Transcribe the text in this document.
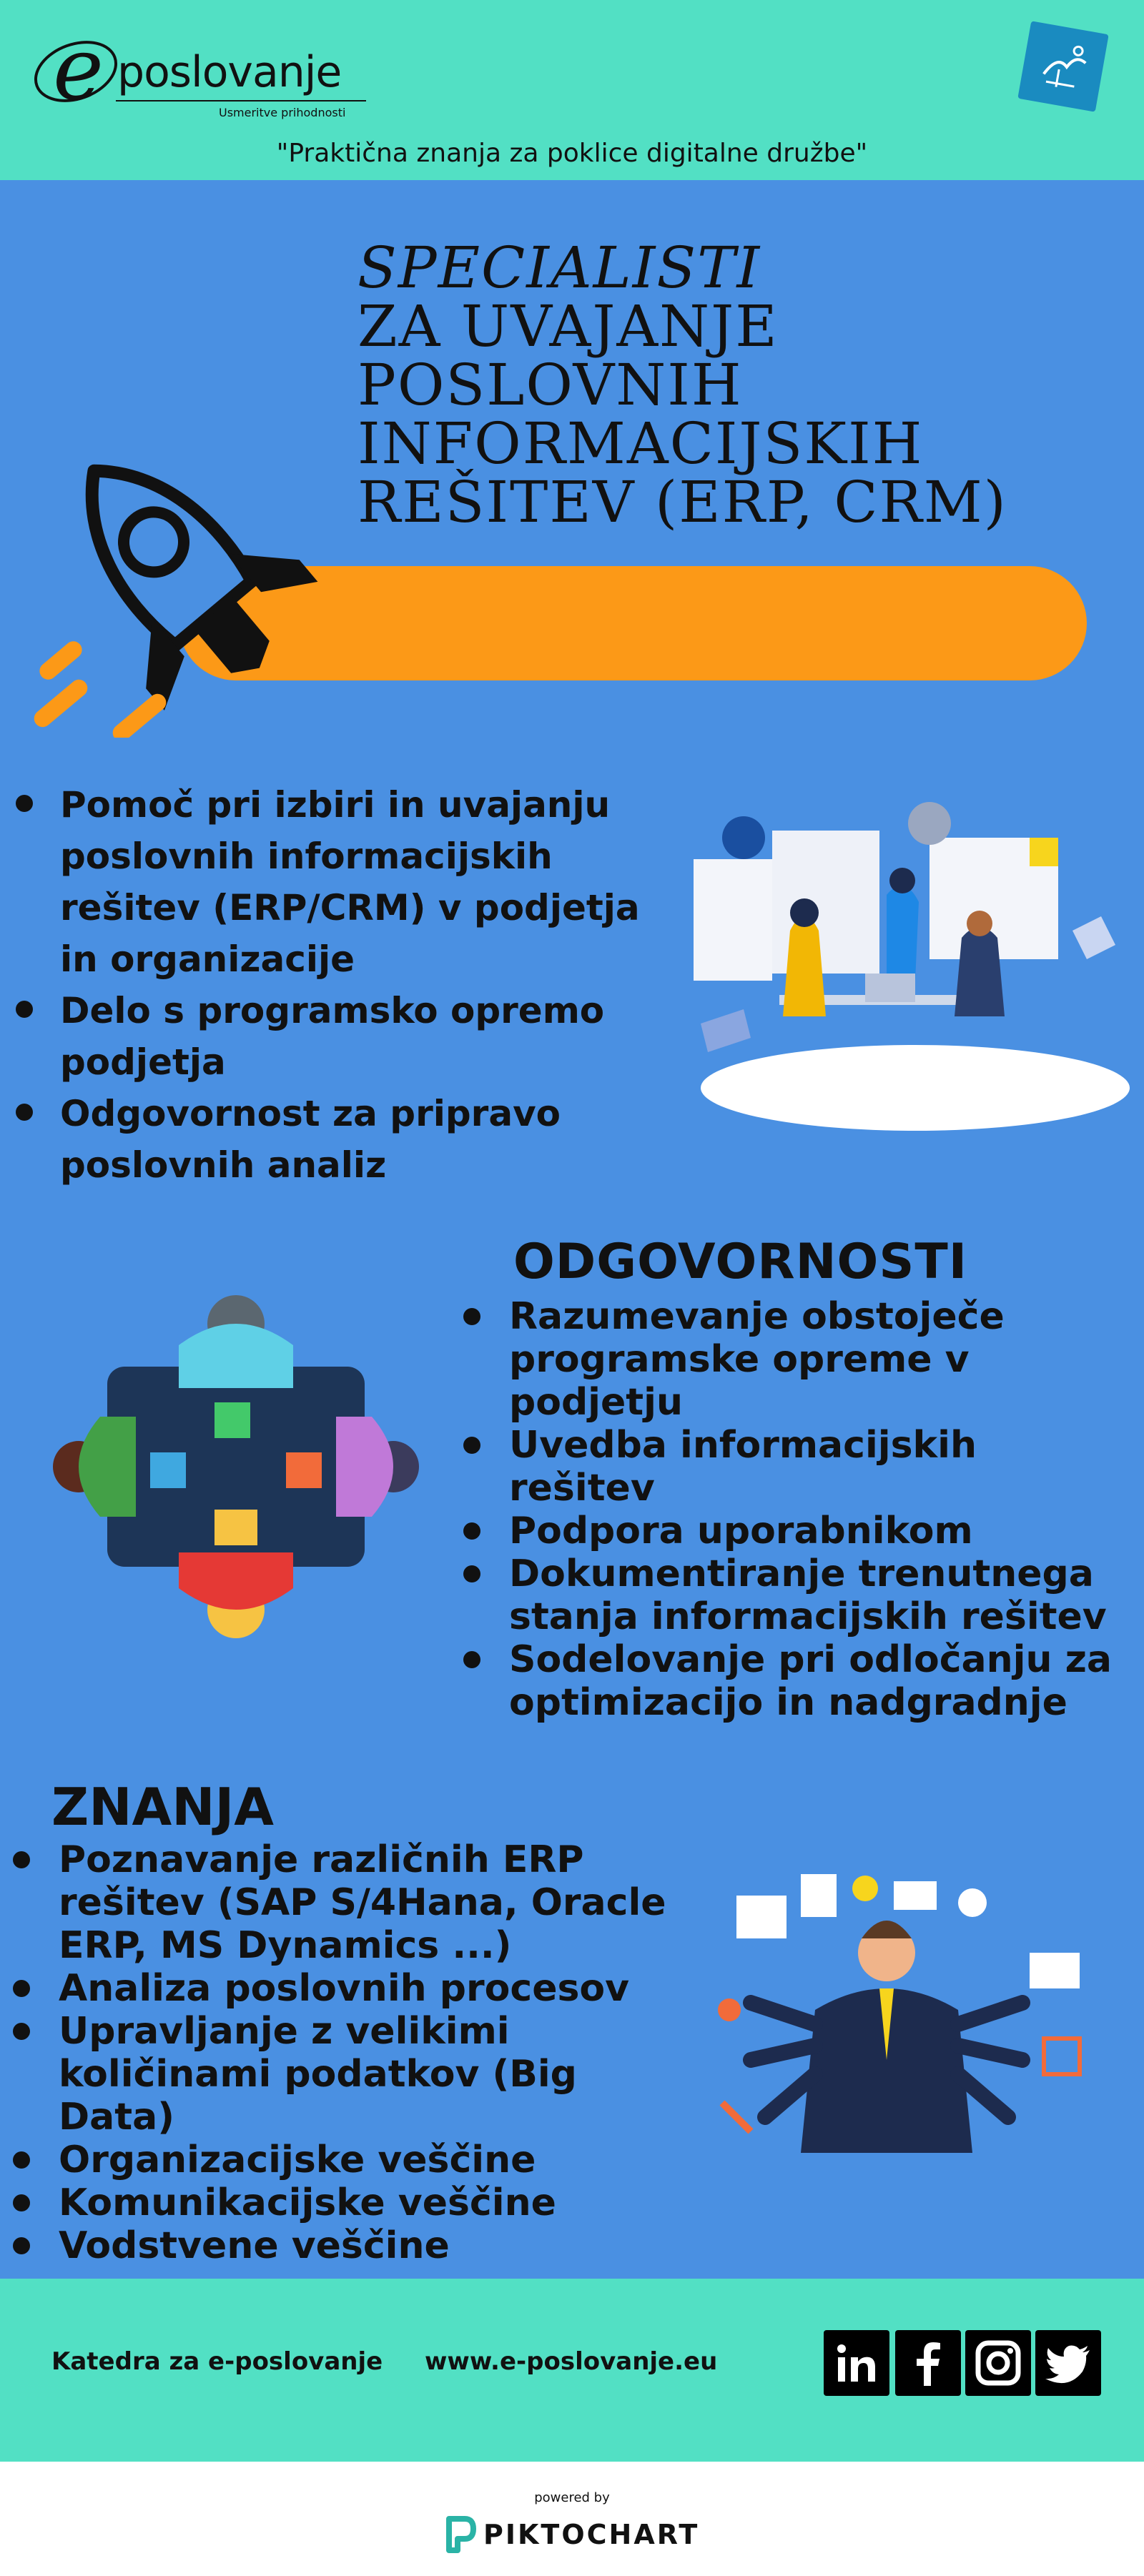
e poslovanje
Usmeritve prihodnosti
"Praktična znanja za poklice digitalne družbe"
SPECIALISTI
ZA UVAJANJE
POSLOVNIH
INFORMACIJSKIH
REŠITEV (ERP, CRM)
Pomoč pri izbiri in uvajanju poslovnih informacijskih rešitev (ERP/CRM) v podjetja in organizacije
Delo s programsko opremo podjetja
Odgovornost za pripravo poslovnih analiz
ODGOVORNOSTI
Razumevanje obstoječe programske opreme v podjetju
Uvedba informacijskih rešitev
Podpora uporabnikom
Dokumentiranje trenutnega stanja informacijskih rešitev
Sodelovanje pri odločanju za optimizacijo in nadgradnje
ZNANJA
Poznavanje različnih ERP rešitev (SAP S/4Hana, Oracle ERP, MS Dynamics ...)
Analiza poslovnih procesov
Upravljanje z velikimi količinami podatkov (Big Data)
Organizacijske veščine
Komunikacijske veščine
Vodstvene veščine
Katedra za e-poslovanje www.e-poslovanje.eu
powered by
PIKTOCHART
